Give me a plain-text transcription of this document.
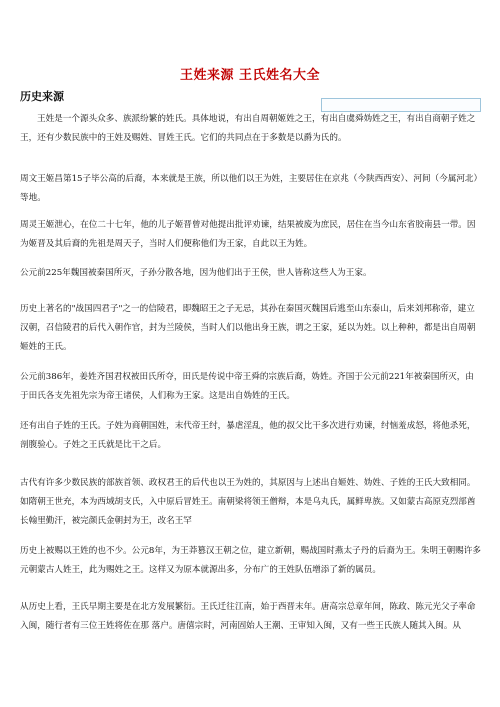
王姓来源 王氏姓名大全
历史来源
王姓是一个源头众多、族派纷繁的姓氏。具体地说，有出自周朝姬姓之王，有出自虞舜妫姓之王，有出自商朝子姓之王，还有少数民族中的王姓及赐姓、冒姓王氏。它们的共同点在于多数是以爵为氏的。
周文王姬昌第15子毕公高的后裔，本来就是王族，所以他们以王为姓，主要居住在京兆（今陕西西安）、河间（今属河北）等地。
周灵王姬泄心，在位二十七年，他的儿子姬晋曾对他提出批评劝谏，结果被废为庶民，居住在当今山东省胶南县一带。因为姬晋及其后裔的先祖是周天子，当时人们便称他们为王家，自此以王为姓。
公元前225年魏国被秦国所灭，子孙分散各地，因为他们出于王侯，世人皆称这些人为王家。
历史上著名的"战国四君子"之一的信陵君，即魏昭王之子无忌，其孙在秦国灭魏国后逃至山东泰山，后来刘邦称帝，建立汉朝，召信陵君的后代入朝作官，封为兰陵侯，当时人们以他出身王族，谓之王家，延以为姓。以上种种，都是出自周朝姬姓的王氏。
公元前386年，姜姓齐国君权被田氏所夺，田氏是传说中帝王舜的宗族后裔，妫姓。齐国于公元前221年被秦国所灭，由于田氏各支先祖先宗为帝王诸侯，人们称为王家。这是出自妫姓的王氏。
还有出自子姓的王氏。子姓为商朝国姓，末代帝王纣，暴虐淫乱，他的叔父比干多次进行劝谏，纣恼羞成怒，将他杀死，剖腹验心。子姓之王氏就是比干之后。
古代有许多少数民族的部族首领、政权君王的后代也以王为姓的，其原因与上述出自姬姓、妫姓、子姓的王氏大致相同。如隋朝王世充，本为西域胡支氏，入中原后冒姓王。南朝梁将领王僧辩，本是乌丸氏，属鲜卑族。又如蒙古高原克烈部酋长翰里勤汗，被完颜氏金朝封为王，改名王罕
历史上被赐以王姓的也不少。公元8年，为王莽篡汉王朝之位，建立新朝，赐战国时燕太子丹的后裔为王。朱明王朝赐许多元朝蒙古人姓王，此为赐姓之王。这样又为原本就源出多，分布广的王姓队伍增添了新的属员。
从历史上看，王氏早期主要是在北方发展繁衍。王氏迁往江南，始于西晋末年。唐高宗总章年间，陈政、陈元光父子率命入闽，随行者有三位王姓将佐在那 落户。唐僖宗时，河南固始人王潮、王审知入闽，又有一些王氏族人随其入闽。从
